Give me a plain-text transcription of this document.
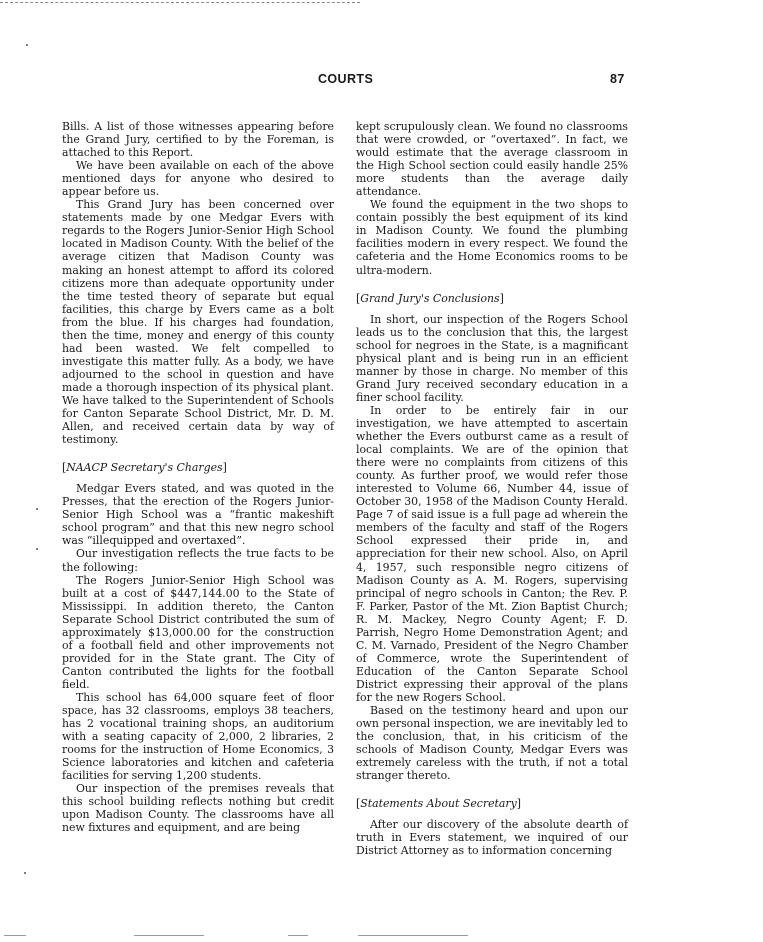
COURTS	87

Bills. A list of those witnesses appearing before the Grand Jury, certified to by the Foreman, is attached to this Report.

We have been available on each of the above mentioned days for anyone who desired to appear before us.

This Grand Jury has been concerned over statements made by one Medgar Evers with regards to the Rogers Junior-Senior High School located in Madison County. With the belief of the average citizen that Madison County was making an honest attempt to afford its colored citizens more than adequate opportunity under the time tested theory of separate but equal facilities, this charge by Evers came as a bolt from the blue. If his charges had foundation, then the time, money and energy of this county had been wasted. We felt compelled to investigate this matter fully. As a body, we have adjourned to the school in question and have made a thorough inspection of its physical plant. We have talked to the Superintendent of Schools for Canton Separate School District, Mr. D. M. Allen, and received certain data by way of testimony.

[NAACP Secretary's Charges]

Medgar Evers stated, and was quoted in the Presses, that the erection of the Rogers Junior-Senior High School was a “frantic makeshift school program” and that this new negro school was “illequipped and overtaxed”.

Our investigation reflects the true facts to be the following:

The Rogers Junior-Senior High School was built at a cost of $447,144.00 to the State of Mississippi. In addition thereto, the Canton Separate School District contributed the sum of approximately $13,000.00 for the construction of a football field and other improvements not provided for in the State grant. The City of Canton contributed the lights for the football field.

This school has 64,000 square feet of floor space, has 32 classrooms, employs 38 teachers, has 2 vocational training shops, an auditorium with a seating capacity of 2,000, 2 libraries, 2 rooms for the instruction of Home Economics, 3 Science laboratories and kitchen and cafeteria facilities for serving 1,200 students.

Our inspection of the premises reveals that this school building reflects nothing but credit upon Madison County. The classrooms have all new fixtures and equipment, and are being

kept scrupulously clean. We found no classrooms that were crowded, or “overtaxed”. In fact, we would estimate that the average classroom in the High School section could easily handle 25% more students than the average daily attendance.

We found the equipment in the two shops to contain possibly the best equipment of its kind in Madison County. We found the plumbing facilities modern in every respect. We found the cafeteria and the Home Economics rooms to be ultra-modern.

[Grand Jury's Conclusions]

In short, our inspection of the Rogers School leads us to the conclusion that this, the largest school for negroes in the State, is a magnificant physical plant and is being run in an efficient manner by those in charge. No member of this Grand Jury received secondary education in a finer school facility.

In order to be entirely fair in our investigation, we have attempted to ascertain whether the Evers outburst came as a result of local complaints. We are of the opinion that there were no complaints from citizens of this county. As further proof, we would refer those interested to Volume 66, Number 44, issue of October 30, 1958 of the Madison County Herald. Page 7 of said issue is a full page ad wherein the members of the faculty and staff of the Rogers School expressed their pride in, and appreciation for their new school. Also, on April 4, 1957, such responsible negro citizens of Madison County as A. M. Rogers, supervising principal of negro schools in Canton; the Rev. P. F. Parker, Pastor of the Mt. Zion Baptist Church; R. M. Mackey, Negro County Agent; F. D. Parrish, Negro Home Demonstration Agent; and C. M. Varnado, President of the Negro Chamber of Commerce, wrote the Superintendent of Education of the Canton Separate School District expressing their approval of the plans for the new Rogers School.

Based on the testimony heard and upon our own personal inspection, we are inevitably led to the conclusion, that, in his criticism of the schools of Madison County, Medgar Evers was extremely careless with the truth, if not a total stranger thereto.

[Statements About Secretary]

After our discovery of the absolute dearth of truth in Evers statement, we inquired of our District Attorney as to information concerning
